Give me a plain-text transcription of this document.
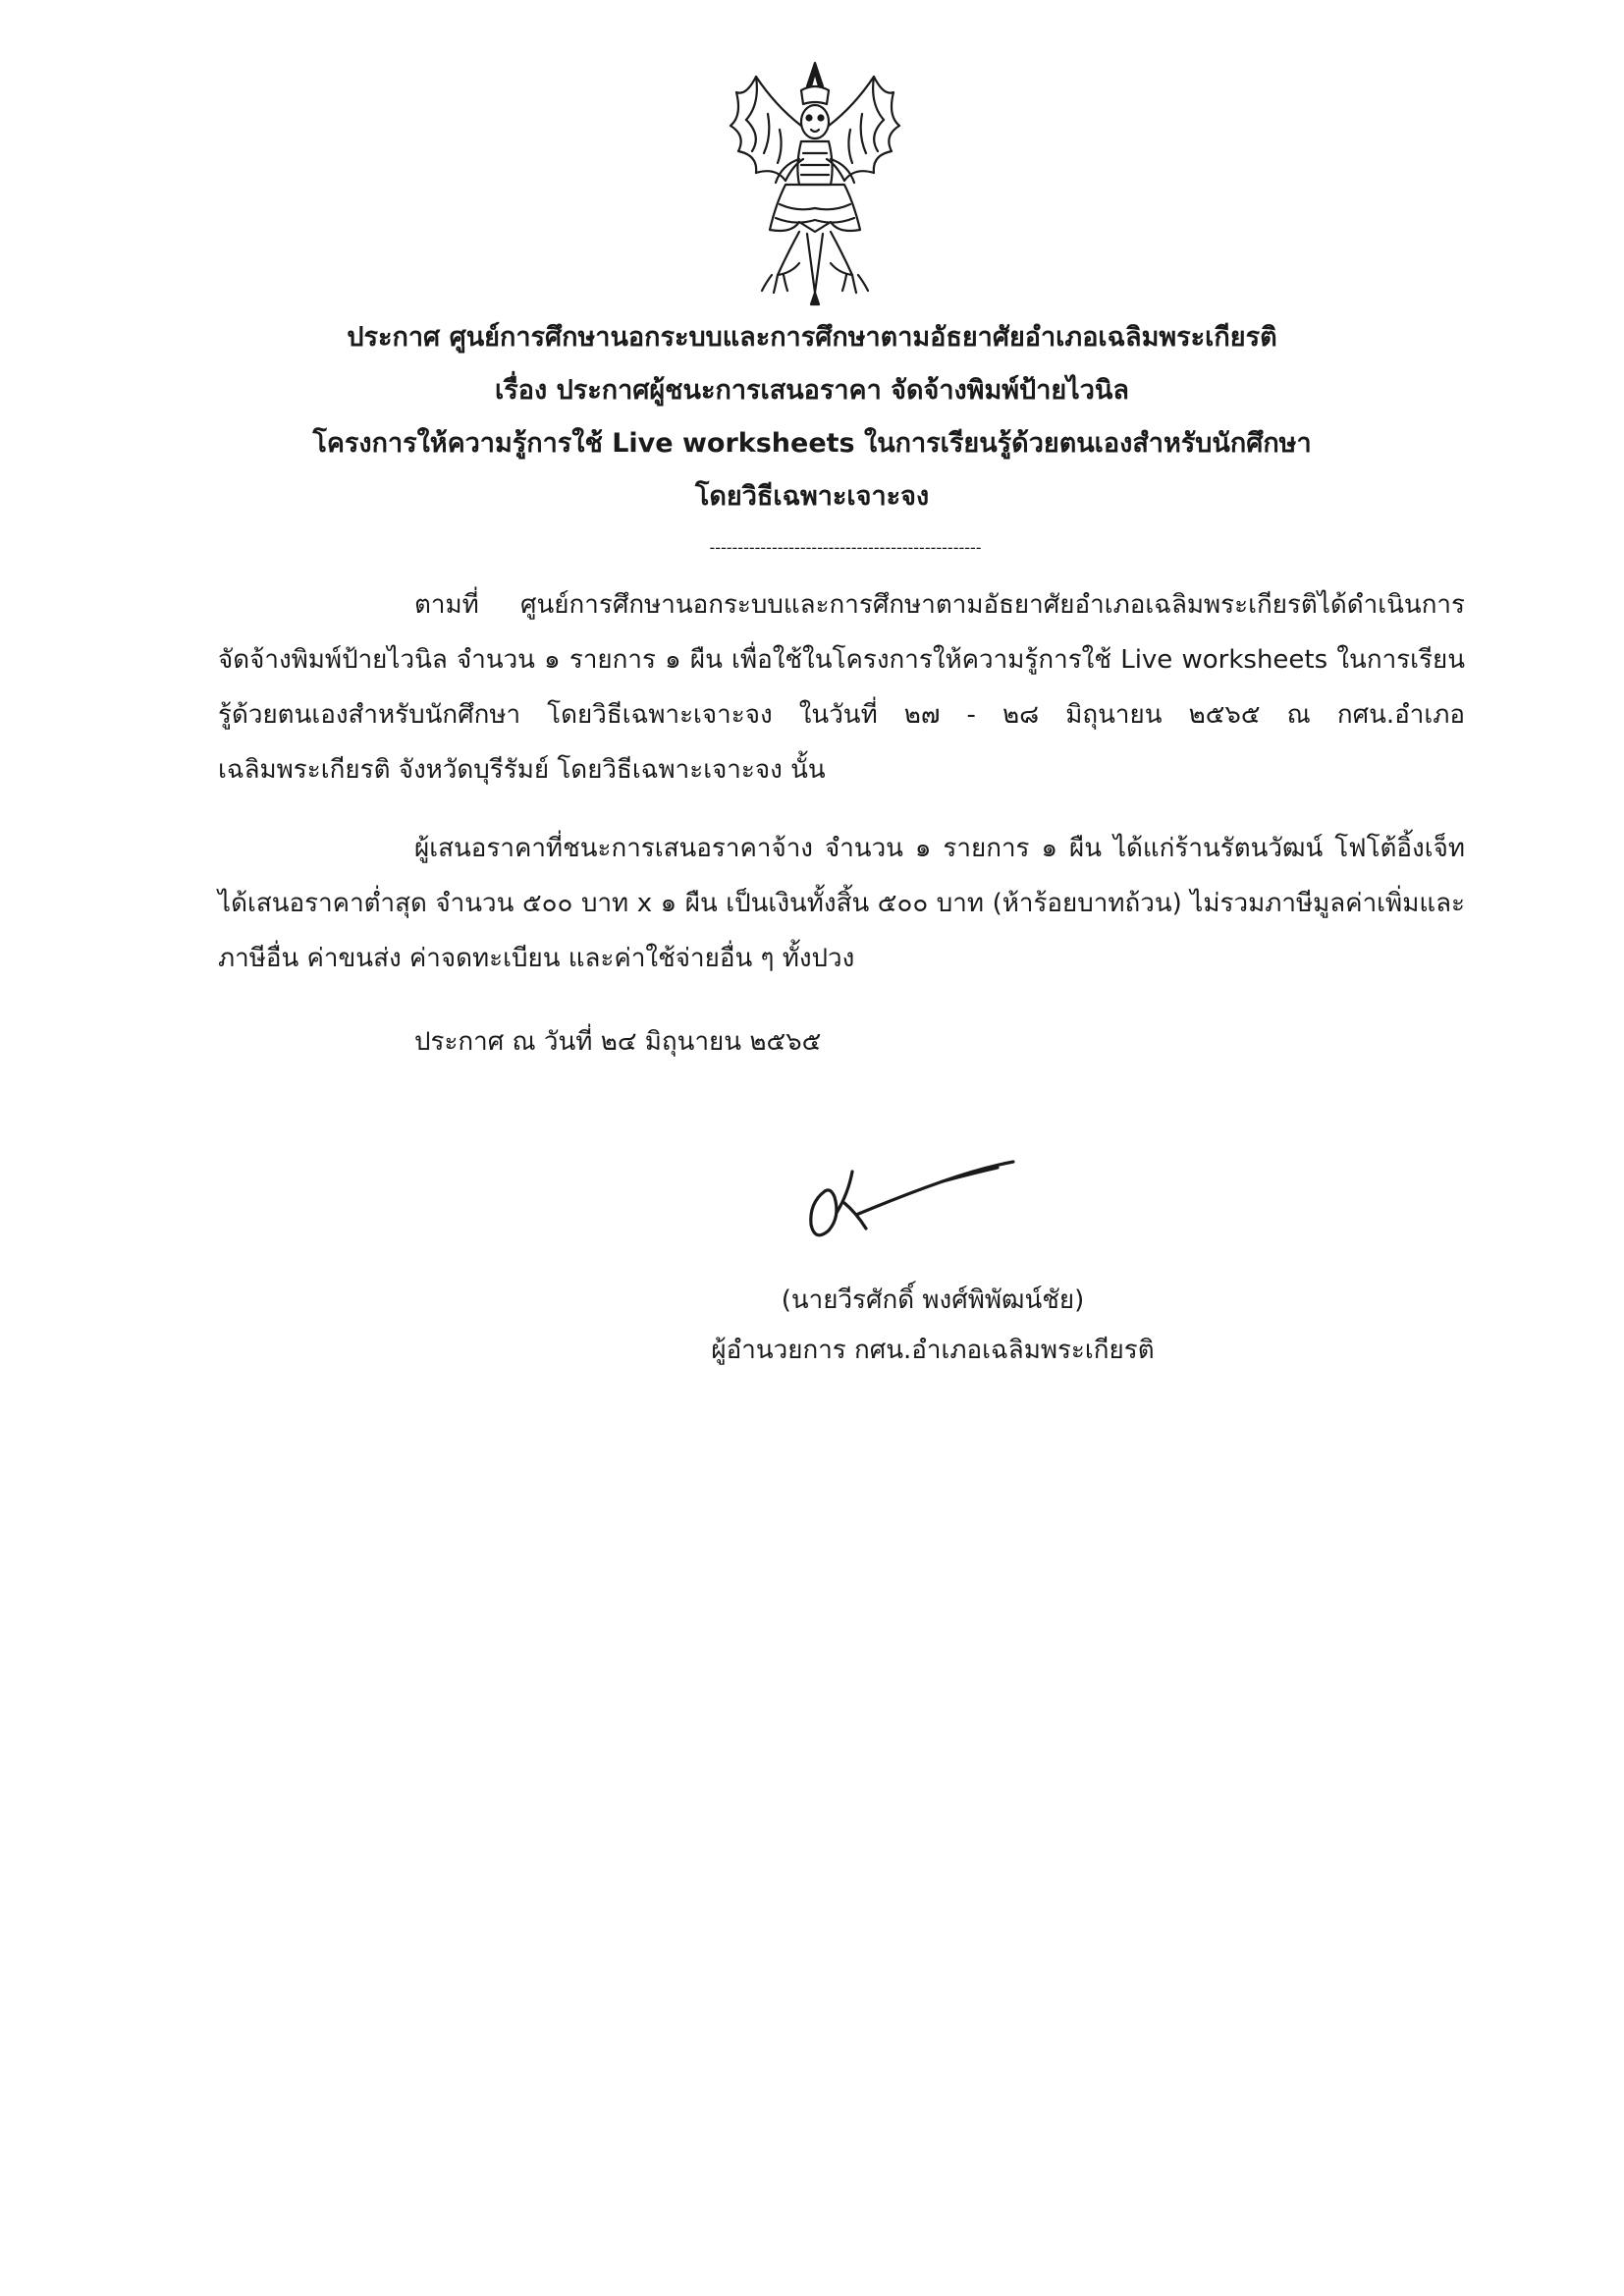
ประกาศ ศูนย์การศึกษานอกระบบและการศึกษาตามอัธยาศัยอำเภอเฉลิมพระเกียรติ
เรื่อง ประกาศผู้ชนะการเสนอราคา จัดจ้างพิมพ์ป้ายไวนิล
โครงการให้ความรู้การใช้ Live worksheets ในการเรียนรู้ด้วยตนเองสำหรับนักศึกษา
โดยวิธีเฉพาะเจาะจง
------------------------------------------------
ตามที่ ศูนย์การศึกษานอกระบบและการศึกษาตามอัธยาศัยอำเภอเฉลิมพระเกียรติได้ดำเนินการ จัดจ้างพิมพ์ป้ายไวนิล จำนวน ๑ รายการ ๑ ผืน เพื่อใช้ในโครงการให้ความรู้การใช้ Live worksheets ในการเรียนรู้ด้วยตนเองสำหรับนักศึกษา โดยวิธีเฉพาะเจาะจง ในวันที่ ๒๗ - ๒๘ มิถุนายน ๒๕๖๕ ณ กศน.อำเภอเฉลิมพระเกียรติ จังหวัดบุรีรัมย์ โดยวิธีเฉพาะเจาะจง นั้น
ผู้เสนอราคาที่ชนะการเสนอราคาจ้าง จำนวน ๑ รายการ ๑ ผืน ได้แก่ร้านรัตนวัฒน์ โฟโต้อิ้งเจ็ท ได้เสนอราคาต่ำสุด จำนวน ๕๐๐ บาท x ๑ ผืน เป็นเงินทั้งสิ้น ๕๐๐ บาท (ห้าร้อยบาทถ้วน) ไม่รวมภาษีมูลค่าเพิ่มและภาษีอื่น ค่าขนส่ง ค่าจดทะเบียน และค่าใช้จ่ายอื่น ๆ ทั้งปวง
ประกาศ ณ วันที่ ๒๔ มิถุนายน ๒๕๖๕
(นายวีรศักดิ์ พงศ์พิพัฒน์ชัย)
ผู้อำนวยการ กศน.อำเภอเฉลิมพระเกียรติ
